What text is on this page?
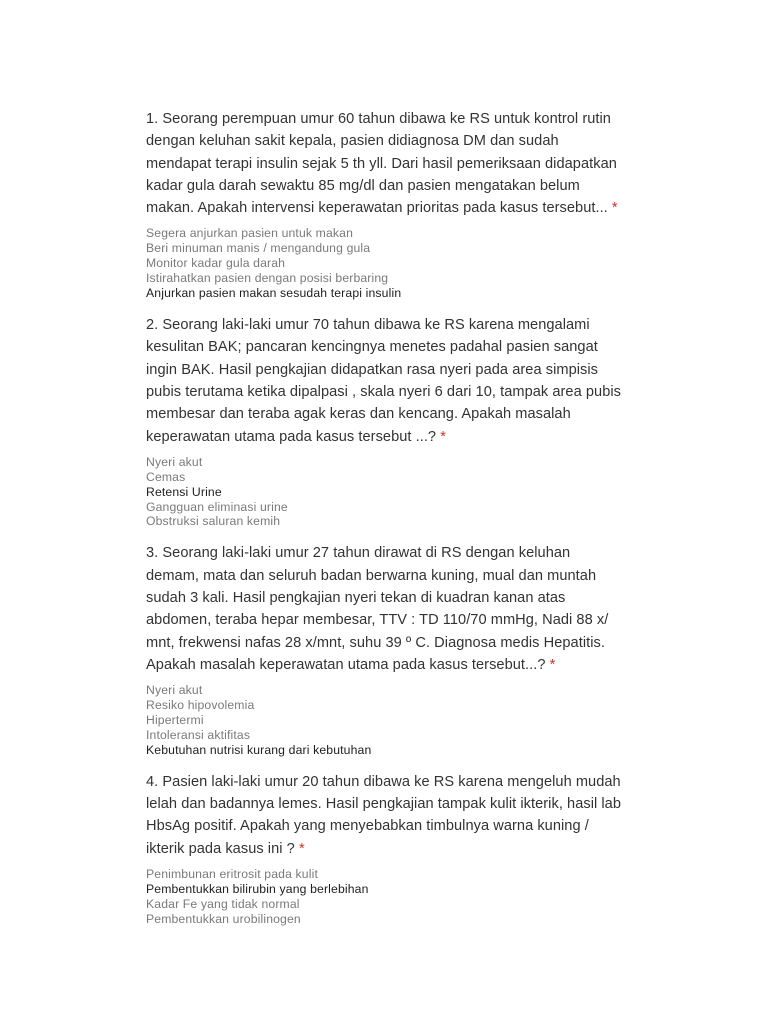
1. Seorang perempuan umur 60 tahun dibawa ke RS untuk kontrol rutin
dengan keluhan sakit kepala, pasien didiagnosa DM dan sudah
mendapat terapi insulin sejak 5 th yll. Dari hasil pemeriksaan didapatkan
kadar gula darah sewaktu 85 mg/dl dan pasien mengatakan belum
makan. Apakah intervensi keperawatan prioritas pada kasus tersebut... *

Segera anjurkan pasien untuk makan
Beri minuman manis / mengandung gula
Monitor kadar gula darah
Istirahatkan pasien dengan posisi berbaring
Anjurkan pasien makan sesudah terapi insulin

2. Seorang laki-laki umur 70 tahun dibawa ke RS karena mengalami
kesulitan BAK; pancaran kencingnya menetes padahal pasien sangat
ingin BAK. Hasil pengkajian didapatkan rasa nyeri pada area simpisis
pubis terutama ketika dipalpasi , skala nyeri 6 dari 10, tampak area pubis
membesar dan teraba agak keras dan kencang. Apakah masalah
keperawatan utama pada kasus tersebut ...? *

Nyeri akut
Cemas
Retensi Urine
Gangguan eliminasi urine
Obstruksi saluran kemih

3. Seorang laki-laki umur 27 tahun dirawat di RS dengan keluhan
demam, mata dan seluruh badan berwarna kuning, mual dan muntah
sudah 3 kali. Hasil pengkajian nyeri tekan di kuadran kanan atas
abdomen, teraba hepar membesar, TTV : TD 110/70 mmHg, Nadi 88 x/
mnt, frekwensi nafas 28 x/mnt, suhu 39 º C. Diagnosa medis Hepatitis.
Apakah masalah keperawatan utama pada kasus tersebut...? *

Nyeri akut
Resiko hipovolemia
Hipertermi
Intoleransi aktifitas
Kebutuhan nutrisi kurang dari kebutuhan

4. Pasien laki-laki umur 20 tahun dibawa ke RS karena mengeluh mudah
lelah dan badannya lemes. Hasil pengkajian tampak kulit ikterik, hasil lab
HbsAg positif. Apakah yang menyebabkan timbulnya warna kuning /
ikterik pada kasus ini ? *

Penimbunan eritrosit pada kulit
Pembentukkan bilirubin yang berlebihan
Kadar Fe yang tidak normal
Pembentukkan urobilinogen
